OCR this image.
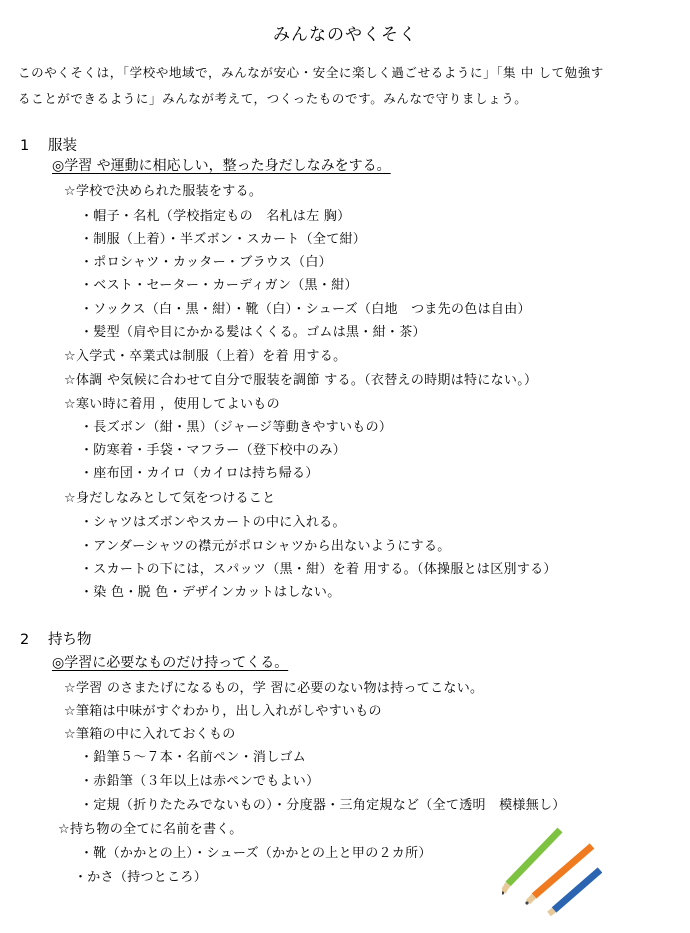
みんなのやくそく
このやくそくは，「学校や地域で，みんなが安心・安全に楽しく過ごせるように」「集 中 して勉強す
ることができるように」みんなが考えて，つくったものです。みんなで守りましょう。
1 服装
◎学習 や運動に相応しい，整った身だしなみをする。
☆学校で決められた服装をする。
・帽子・名札（学校指定もの　名札は左 胸）
・制服（上着）・半ズボン・スカート（全て紺）
・ポロシャツ・カッター・ブラウス（白）
・ベスト・セーター・カーディガン（黒・紺）
・ソックス（白・黒・紺）・靴（白）・シューズ（白地　つま先の色は自由）
・髪型（肩や目にかかる髪はくくる。ゴムは黒・紺・茶）
☆入学式・卒業式は制服（上着）を着 用する。
☆体調 や気候に合わせて自分で服装を調節 する。（衣替えの時期は特にない。）
☆寒い時に着用 ，使用してよいもの
・長ズボン（紺・黒）（ジャージ等動きやすいもの）
・防寒着・手袋・マフラー（登下校中のみ）
・座布団・カイロ（カイロは持ち帰る）
☆身だしなみとして気をつけること
・シャツはズボンやスカートの中に入れる。
・アンダーシャツの襟元がポロシャツから出ないようにする。
・スカートの下には，スパッツ（黒・紺）を着 用する。（体操服とは区別する）
・染 色・脱 色・デザインカットはしない。
2 持ち物
◎学習に必要なものだけ持ってくる。
☆学習 のさまたげになるもの，学 習に必要のない物は持ってこない。
☆筆箱は中味がすぐわかり，出し入れがしやすいもの
☆筆箱の中に入れておくもの
・鉛筆５～７本・名前ペン・消しゴム
・赤鉛筆（３年以上は赤ペンでもよい）
・定規（折りたたみでないもの）・分度器・三角定規など（全て透明　模様無し）
☆持ち物の全てに名前を書く。
・靴（かかとの上）・シューズ（かかとの上と甲の２カ所）
・かさ（持つところ）
